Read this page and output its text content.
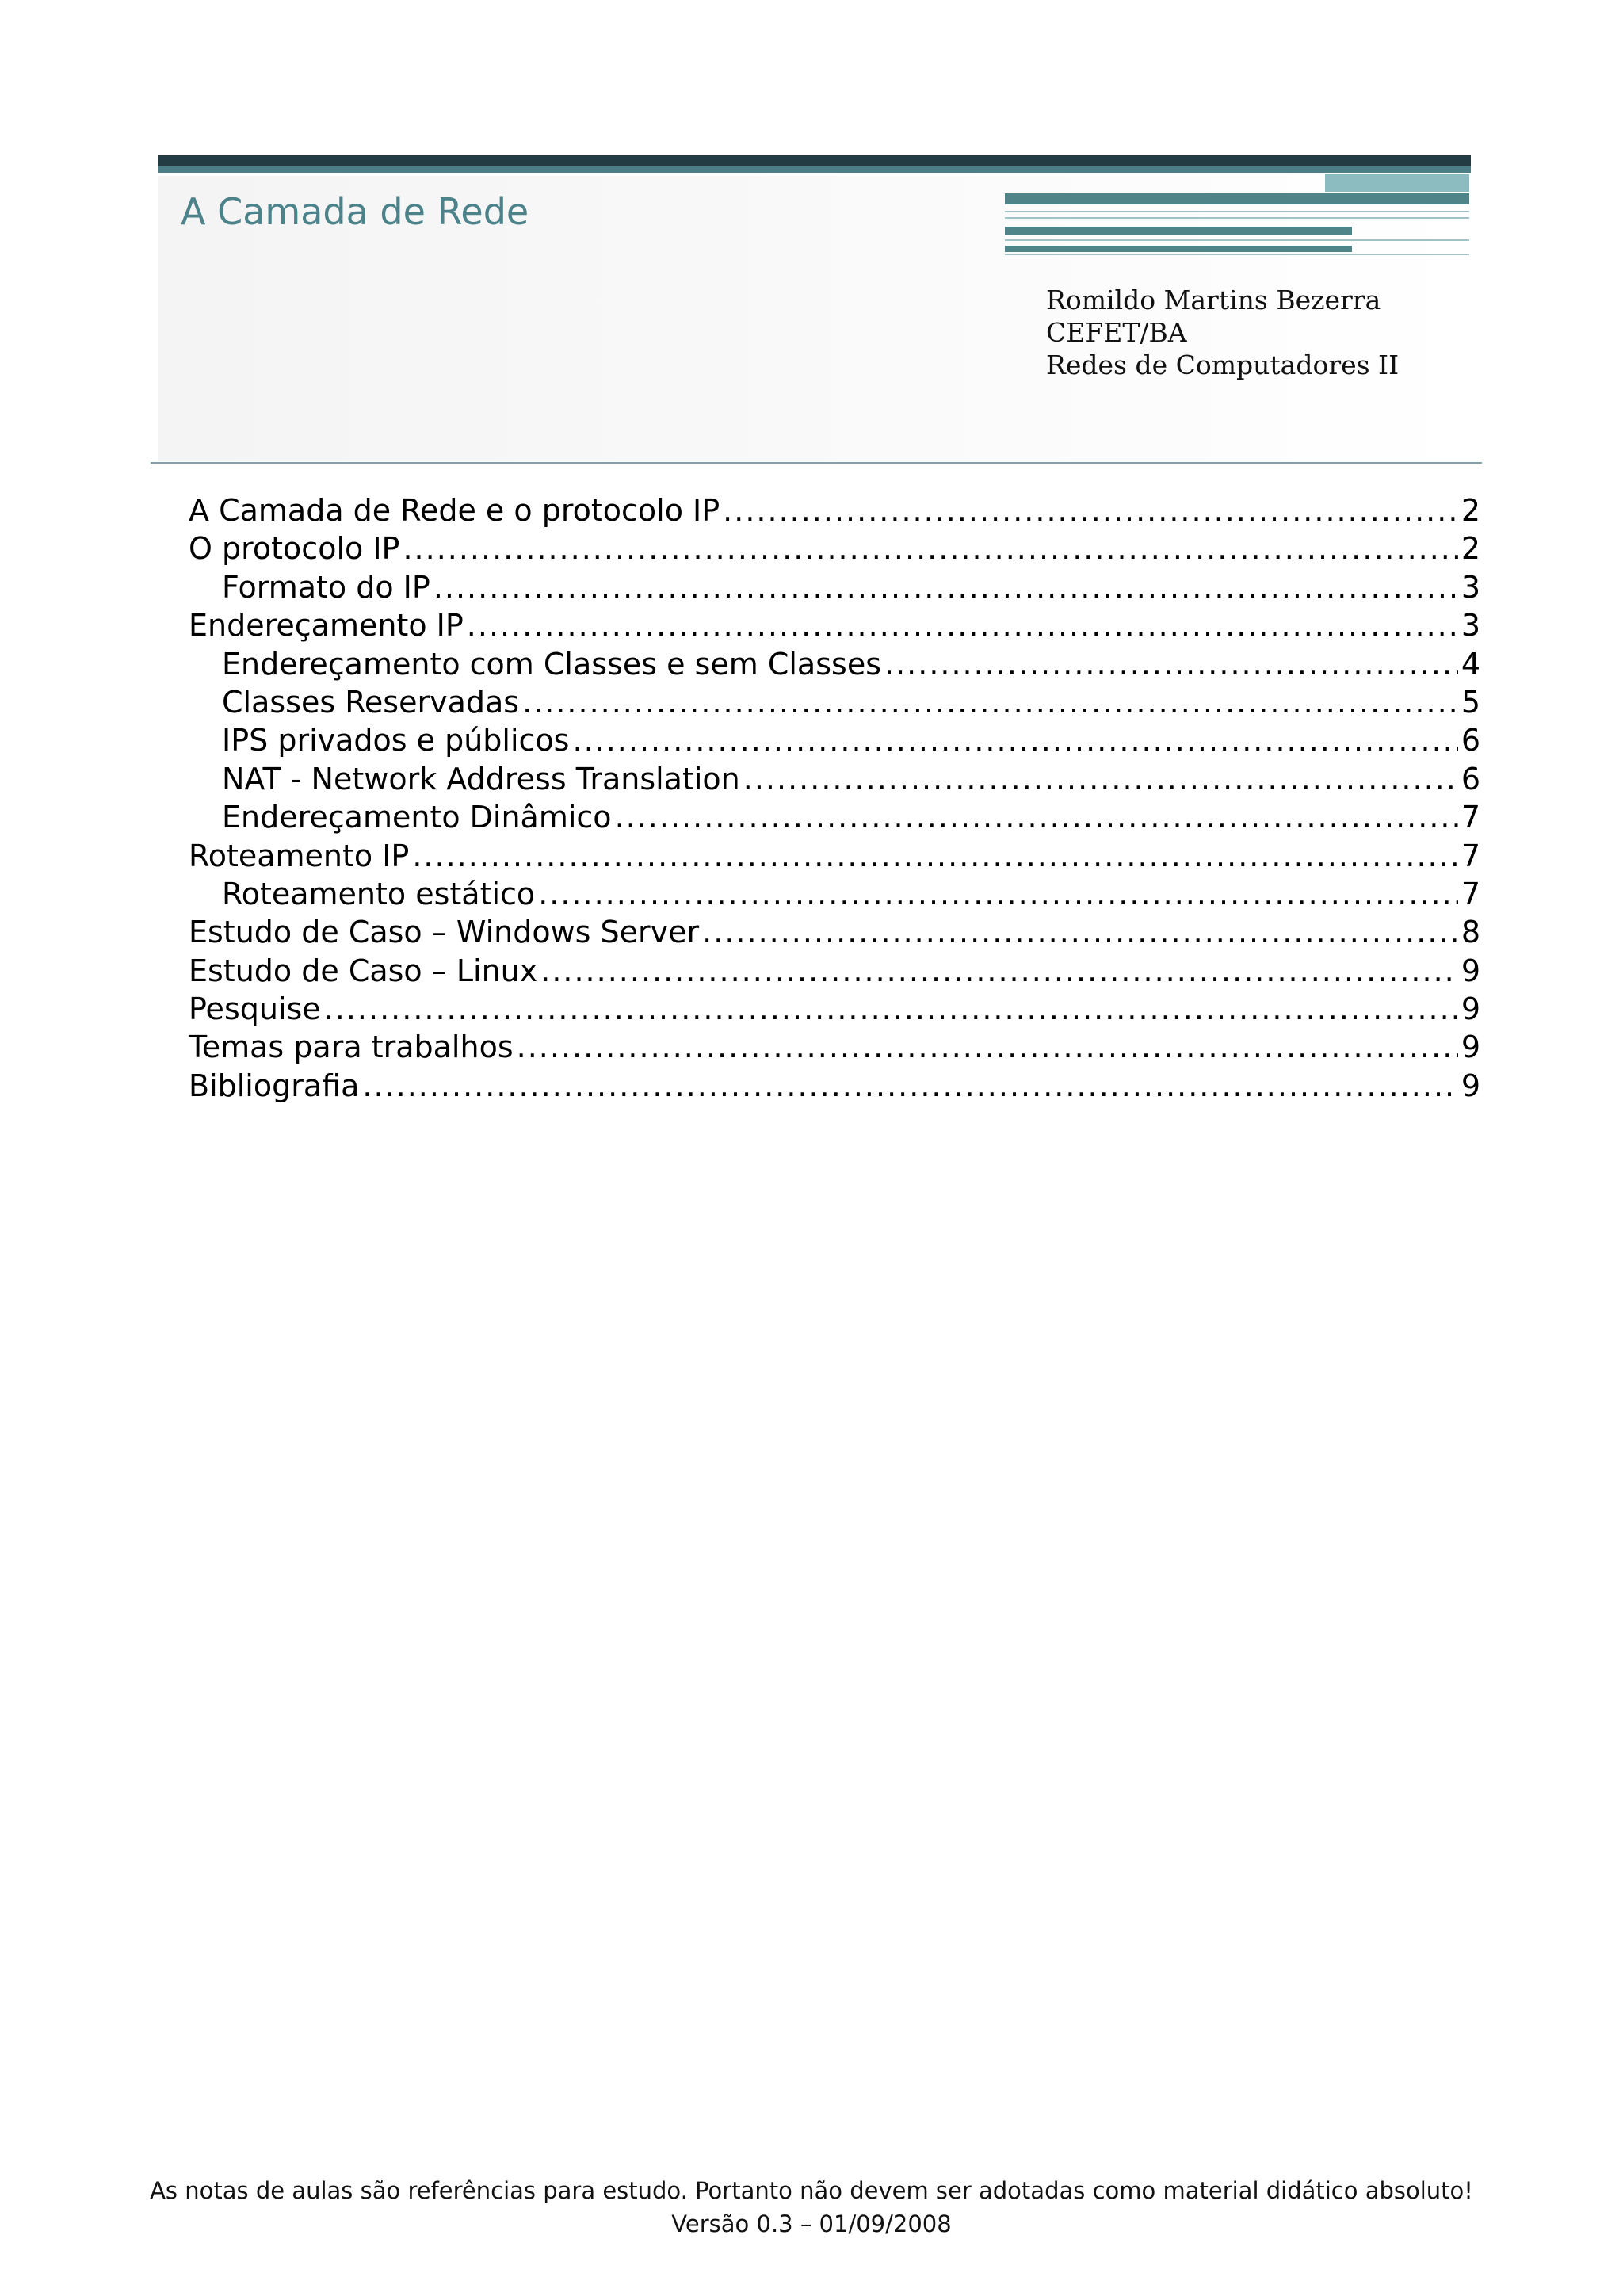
A Camada de Rede
Romildo Martins Bezerra
CEFET/BA
Redes de Computadores II
A Camada de Rede e o protocolo IP .....	2
O protocolo IP .....	2
Formato do IP .....	3
Endereçamento IP .....	3
Endereçamento com Classes e sem Classes .....	4
Classes Reservadas .....	5
IPS privados e públicos .....	6
NAT - Network Address Translation .....	6
Endereçamento Dinâmico .....	7
Roteamento IP .....	7
Roteamento estático .....	7
Estudo de Caso – Windows Server .....	8
Estudo de Caso – Linux .....	9
Pesquise .....	9
Temas para trabalhos .....	9
Bibliografia .....	9
As notas de aulas são referências para estudo. Portanto não devem ser adotadas como material didático absoluto!
Versão 0.3 – 01/09/2008
